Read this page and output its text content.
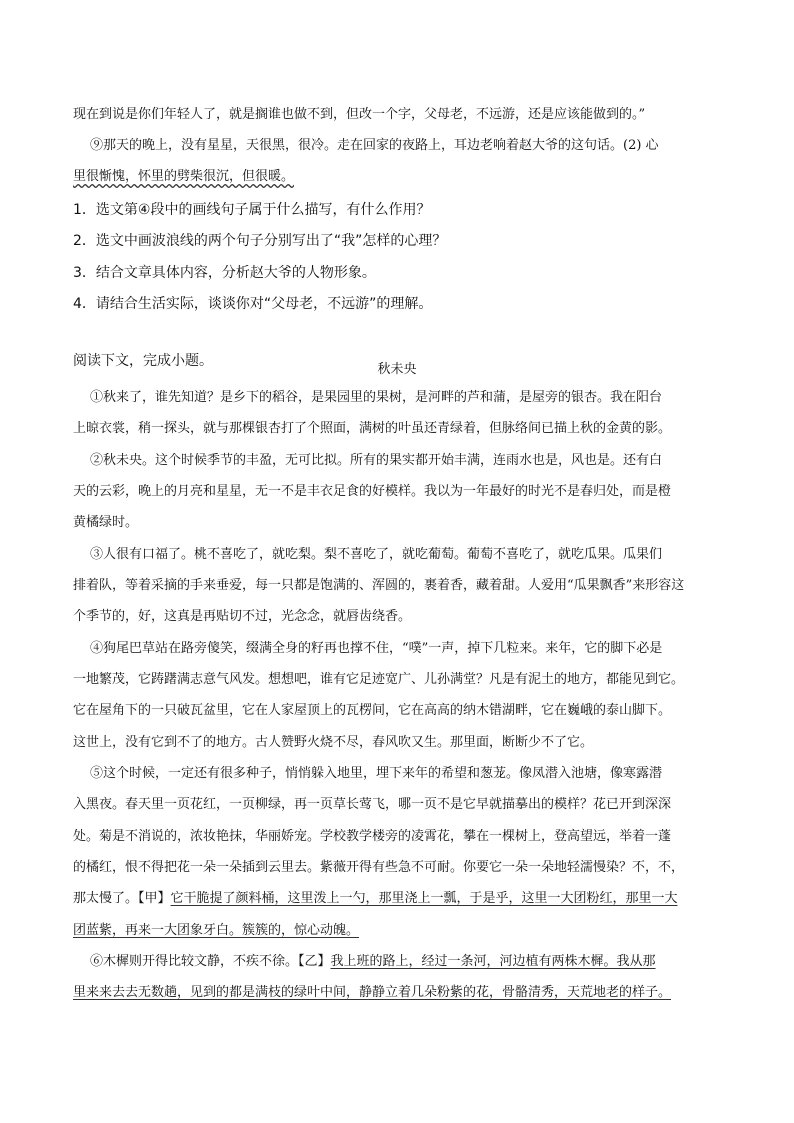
现在到说是你们年轻人了，就是搁谁也做不到，但改一个字，父母老，不远游，还是应该能做到的。”
⑨那天的晚上，没有星星，天很黑，很冷。走在回家的夜路上，耳边老响着赵大爷的这句话。(2) 心
里很惭愧，怀里的劈柴很沉，但很暖。
1．选文第④段中的画线句子属于什么描写，有什么作用？
2．选文中画波浪线的两个句子分别写出了“我”怎样的心理？
3．结合文章具体内容，分析赵大爷的人物形象。
4．请结合生活实际，谈谈你对“父母老，不远游”的理解。
阅读下文，完成小题。
秋未央
①秋来了，谁先知道？是乡下的稻谷，是果园里的果树，是河畔的芦和蒲，是屋旁的银杏。我在阳台
上晾衣裳，稍一探头，就与那棵银杏打了个照面，满树的叶虽还青绿着，但脉络间已描上秋的金黄的影。
②秋未央。这个时候季节的丰盈，无可比拟。所有的果实都开始丰满，连雨水也是，风也是。还有白
天的云彩，晚上的月亮和星星，无一不是丰衣足食的好模样。我以为一年最好的时光不是春归处，而是橙
黄橘绿时。
③人很有口福了。桃不喜吃了，就吃梨。梨不喜吃了，就吃葡萄。葡萄不喜吃了，就吃瓜果。瓜果们
排着队，等着采摘的手来垂爱，每一只都是饱满的、浑圆的，裹着香，藏着甜。人爱用“瓜果飘香”来形容这
个季节的，好，这真是再贴切不过，光念念，就唇齿绕香。
④狗尾巴草站在路旁傻笑，缀满全身的籽再也撑不住，“噗”一声，掉下几粒来。来年，它的脚下必是
一地繁茂，它踌躇满志意气风发。想想吧，谁有它足迹宽广、儿孙满堂？凡是有泥土的地方，都能见到它。
它在屋角下的一只破瓦盆里，它在人家屋顶上的瓦楞间，它在高高的纳木错湖畔，它在巍峨的泰山脚下。
这世上，没有它到不了的地方。古人赞野火烧不尽，春风吹又生。那里面，断断少不了它。
⑤这个时候，一定还有很多种子，悄悄躲入地里，埋下来年的希望和葱茏。像凤潜入池塘，像寒露潜
入黑夜。春天里一页花红，一页柳绿，再一页草长莺飞，哪一页不是它早就描摹出的模样？花已开到深深
处。菊是不消说的，浓妆艳抹，华丽娇宠。学校教学楼旁的凌霄花，攀在一棵树上，登高望远，举着一蓬
的橘红，恨不得把花一朵一朵插到云里去。紫薇开得有些急不可耐。你要它一朵一朵地轻濡慢染？不，不，
那太慢了。【甲】它干脆提了颜料桶，这里泼上一勺，那里浇上一瓢，于是乎，这里一大团粉红，那里一大
团蓝紫，再来一大团象牙白。簇簇的，惊心动魄。
⑥木樨则开得比较文静，不疾不徐。【乙】我上班的路上，经过一条河，河边植有两株木樨。我从那
里来来去去无数趟，见到的都是满枝的绿叶中间，静静立着几朵粉紫的花，骨骼清秀，天荒地老的样子。
